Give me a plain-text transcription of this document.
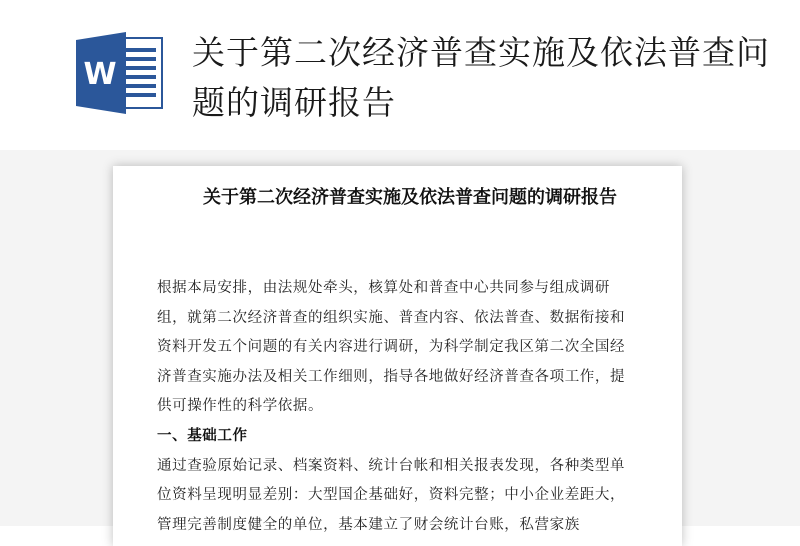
W
关于第二次经济普查实施及依法普查问题的调研报告
关于第二次经济普查实施及依法普查问题的调研报告

根据本局安排，由法规处牵头，核算处和普查中心共同参与组成调研组，就第二次经济普查的组织实施、普查内容、依法普查、数据衔接和资料开发五个问题的有关内容进行调研，为科学制定我区第二次全国经济普查实施办法及相关工作细则，指导各地做好经济普查各项工作，提供可操作性的科学依据。

一、基础工作

通过查验原始记录、档案资料、统计台帐和相关报表发现，各种类型单位资料呈现明显差别：大型国企基础好，资料完整；中小企业差距大，管理完善制度健全的单位，基本建立了财会统计台账，私营家族
